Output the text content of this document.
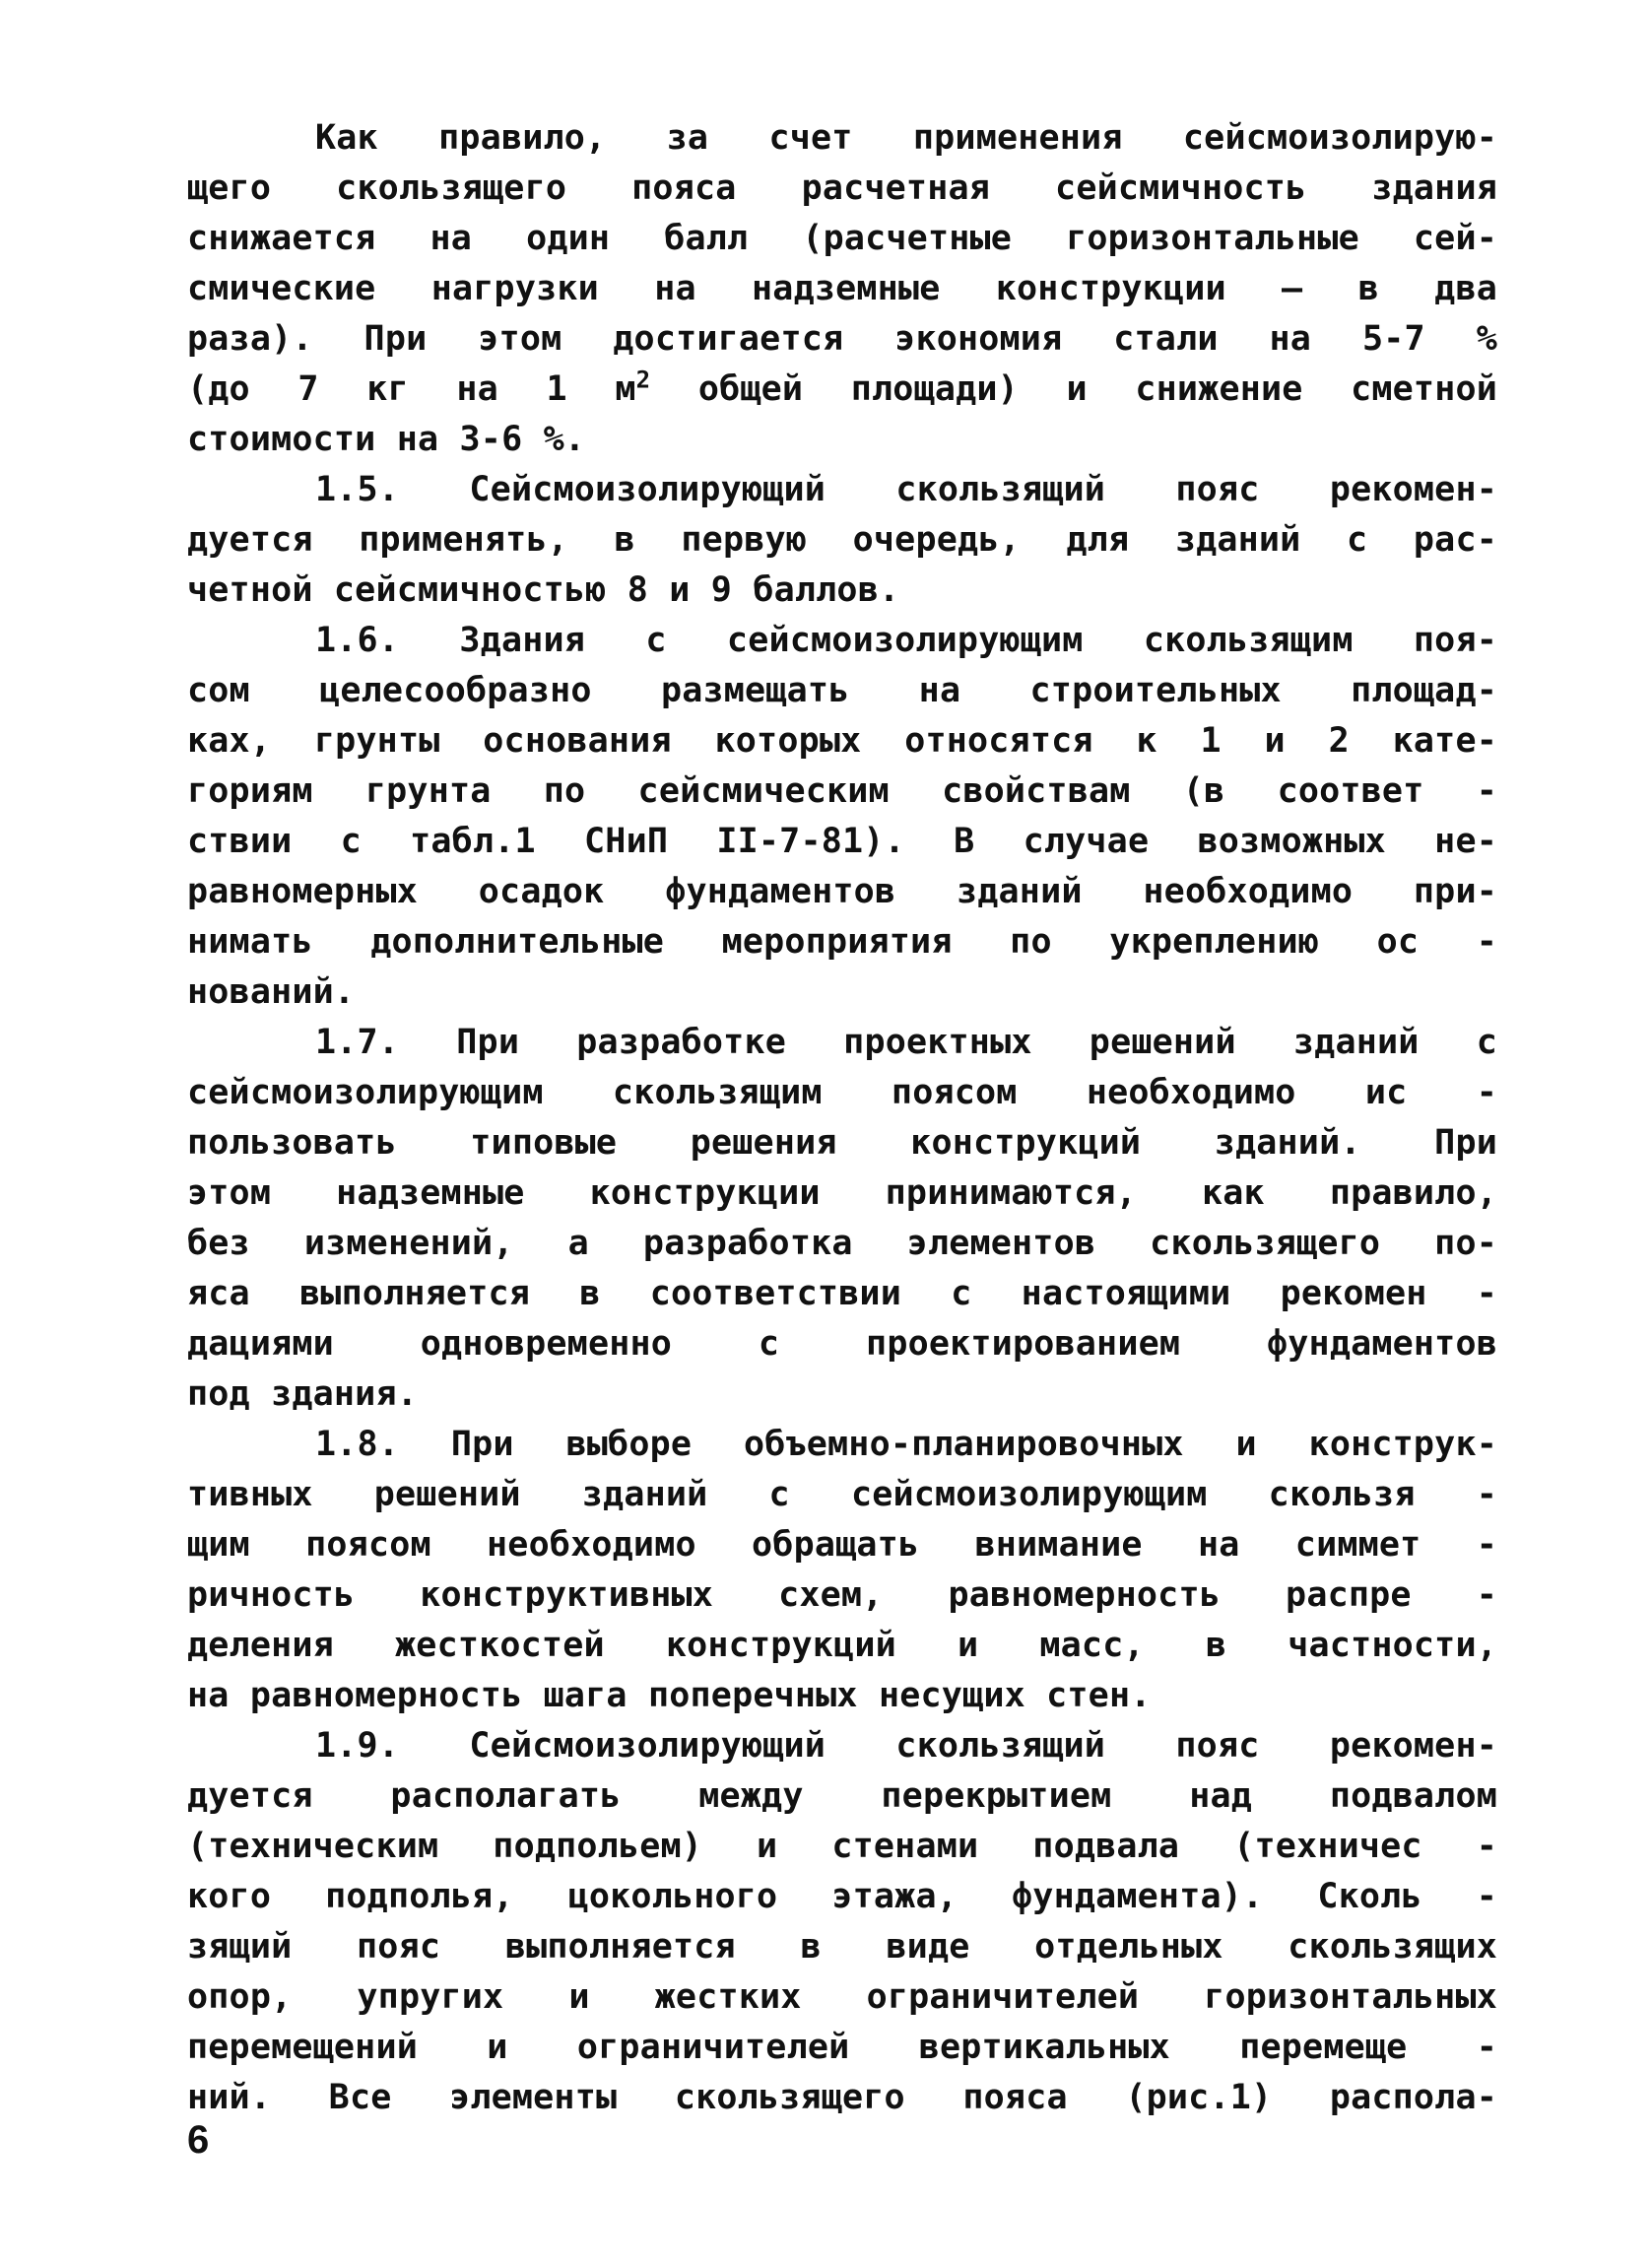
Как правило, за счет применения сейсмоизолирую-
щего скользящего пояса расчетная сейсмичность здания
снижается на один балл (расчетные горизонтальные сей-
смические нагрузки на надземные конструкции – в два
раза). При этом достигается экономия стали на 5-7 %
(до 7 кг на 1 $м^2$ общей площади) и снижение сметной
стоимости на 3-6 %.
1.5. Сейсмоизолирующий скользящий пояс рекомен-
дуется применять, в первую очередь, для зданий с рас-
четной сейсмичностью 8 и 9 баллов.
1.6. Здания с сейсмоизолирующим скользящим поя-
сом целесообразно размещать на строительных площад-
ках, грунты основания которых относятся к 1 и 2 кате-
гориям грунта по сейсмическим свойствам (в соответ -
ствии с табл.1 СНиП II-7-81). В случае возможных не-
равномерных осадок фундаментов зданий необходимо при-
нимать дополнительные мероприятия по укреплению ос -
нований.
1.7. При разработке проектных решений зданий с
сейсмоизолирующим скользящим поясом необходимо ис -
пользовать типовые решения конструкций зданий. При
этом надземные конструкции принимаются, как правило,
без изменений, а разработка элементов скользящего по-
яса выполняется в соответствии с настоящими рекомен -
дациями одновременно с проектированием фундаментов
под здания.
1.8. При выборе объемно-планировочных и конструк-
тивных решений зданий с сейсмоизолирующим скользя -
щим поясом необходимо обращать внимание на симмет -
ричность конструктивных схем, равномерность распре -
деления жесткостей конструкций и масс, в частности,
на равномерность шага поперечных несущих стен.
1.9. Сейсмоизолирующий скользящий пояс рекомен-
дуется располагать между перекрытием над подвалом
(техническим подпольем) и стенами подвала (техничес -
кого подполья, цокольного этажа, фундамента). Сколь -
зящий пояс выполняется в виде отдельных скользящих
опор, упругих и жестких ограничителей горизонтальных
перемещений и ограничителей вертикальных перемеще -
ний. Все элементы скользящего пояса (рис.1) распола-
6
